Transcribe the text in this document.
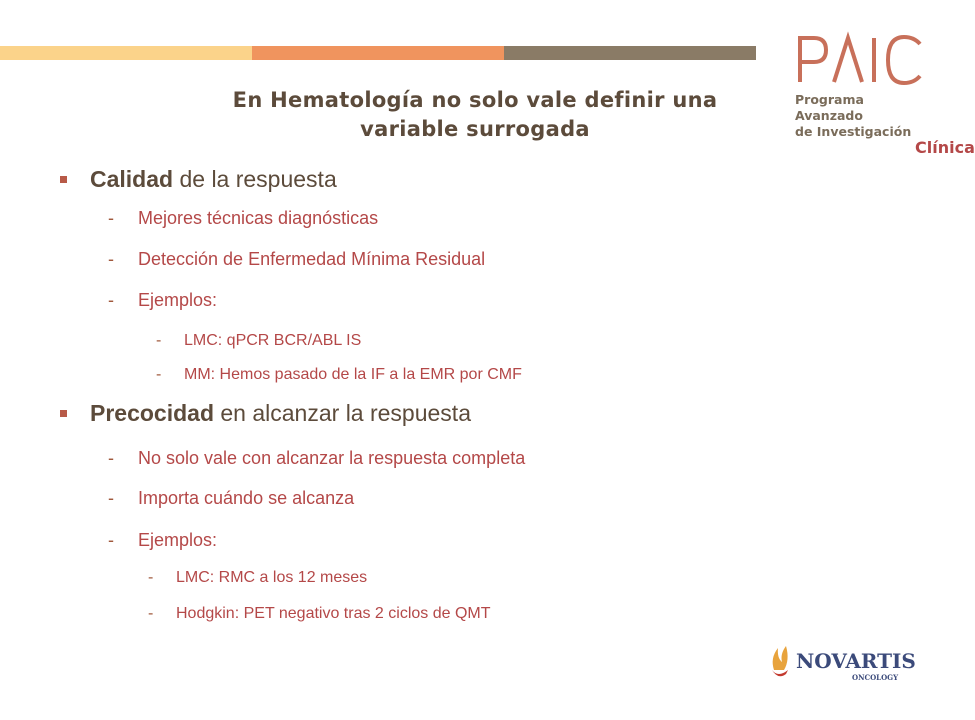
En Hematología no solo vale definir una
variable surrogada
Programa Avanzado
de Investigación
Clínica
Calidad de la respuesta
-	Mejores técnicas diagnósticas
-	Detección de Enfermedad Mínima Residual
-	Ejemplos:
-	LMC: qPCR BCR/ABL IS
-	MM: Hemos pasado de la IF a la EMR por CMF
Precocidad en alcanzar la respuesta
-	No solo vale con alcanzar la respuesta completa
-	Importa cuándo se alcanza
-	Ejemplos:
-	LMC: RMC a los 12 meses
-	Hodgkin: PET negativo tras 2 ciclos de QMT
NOVARTIS
ONCOLOGY
